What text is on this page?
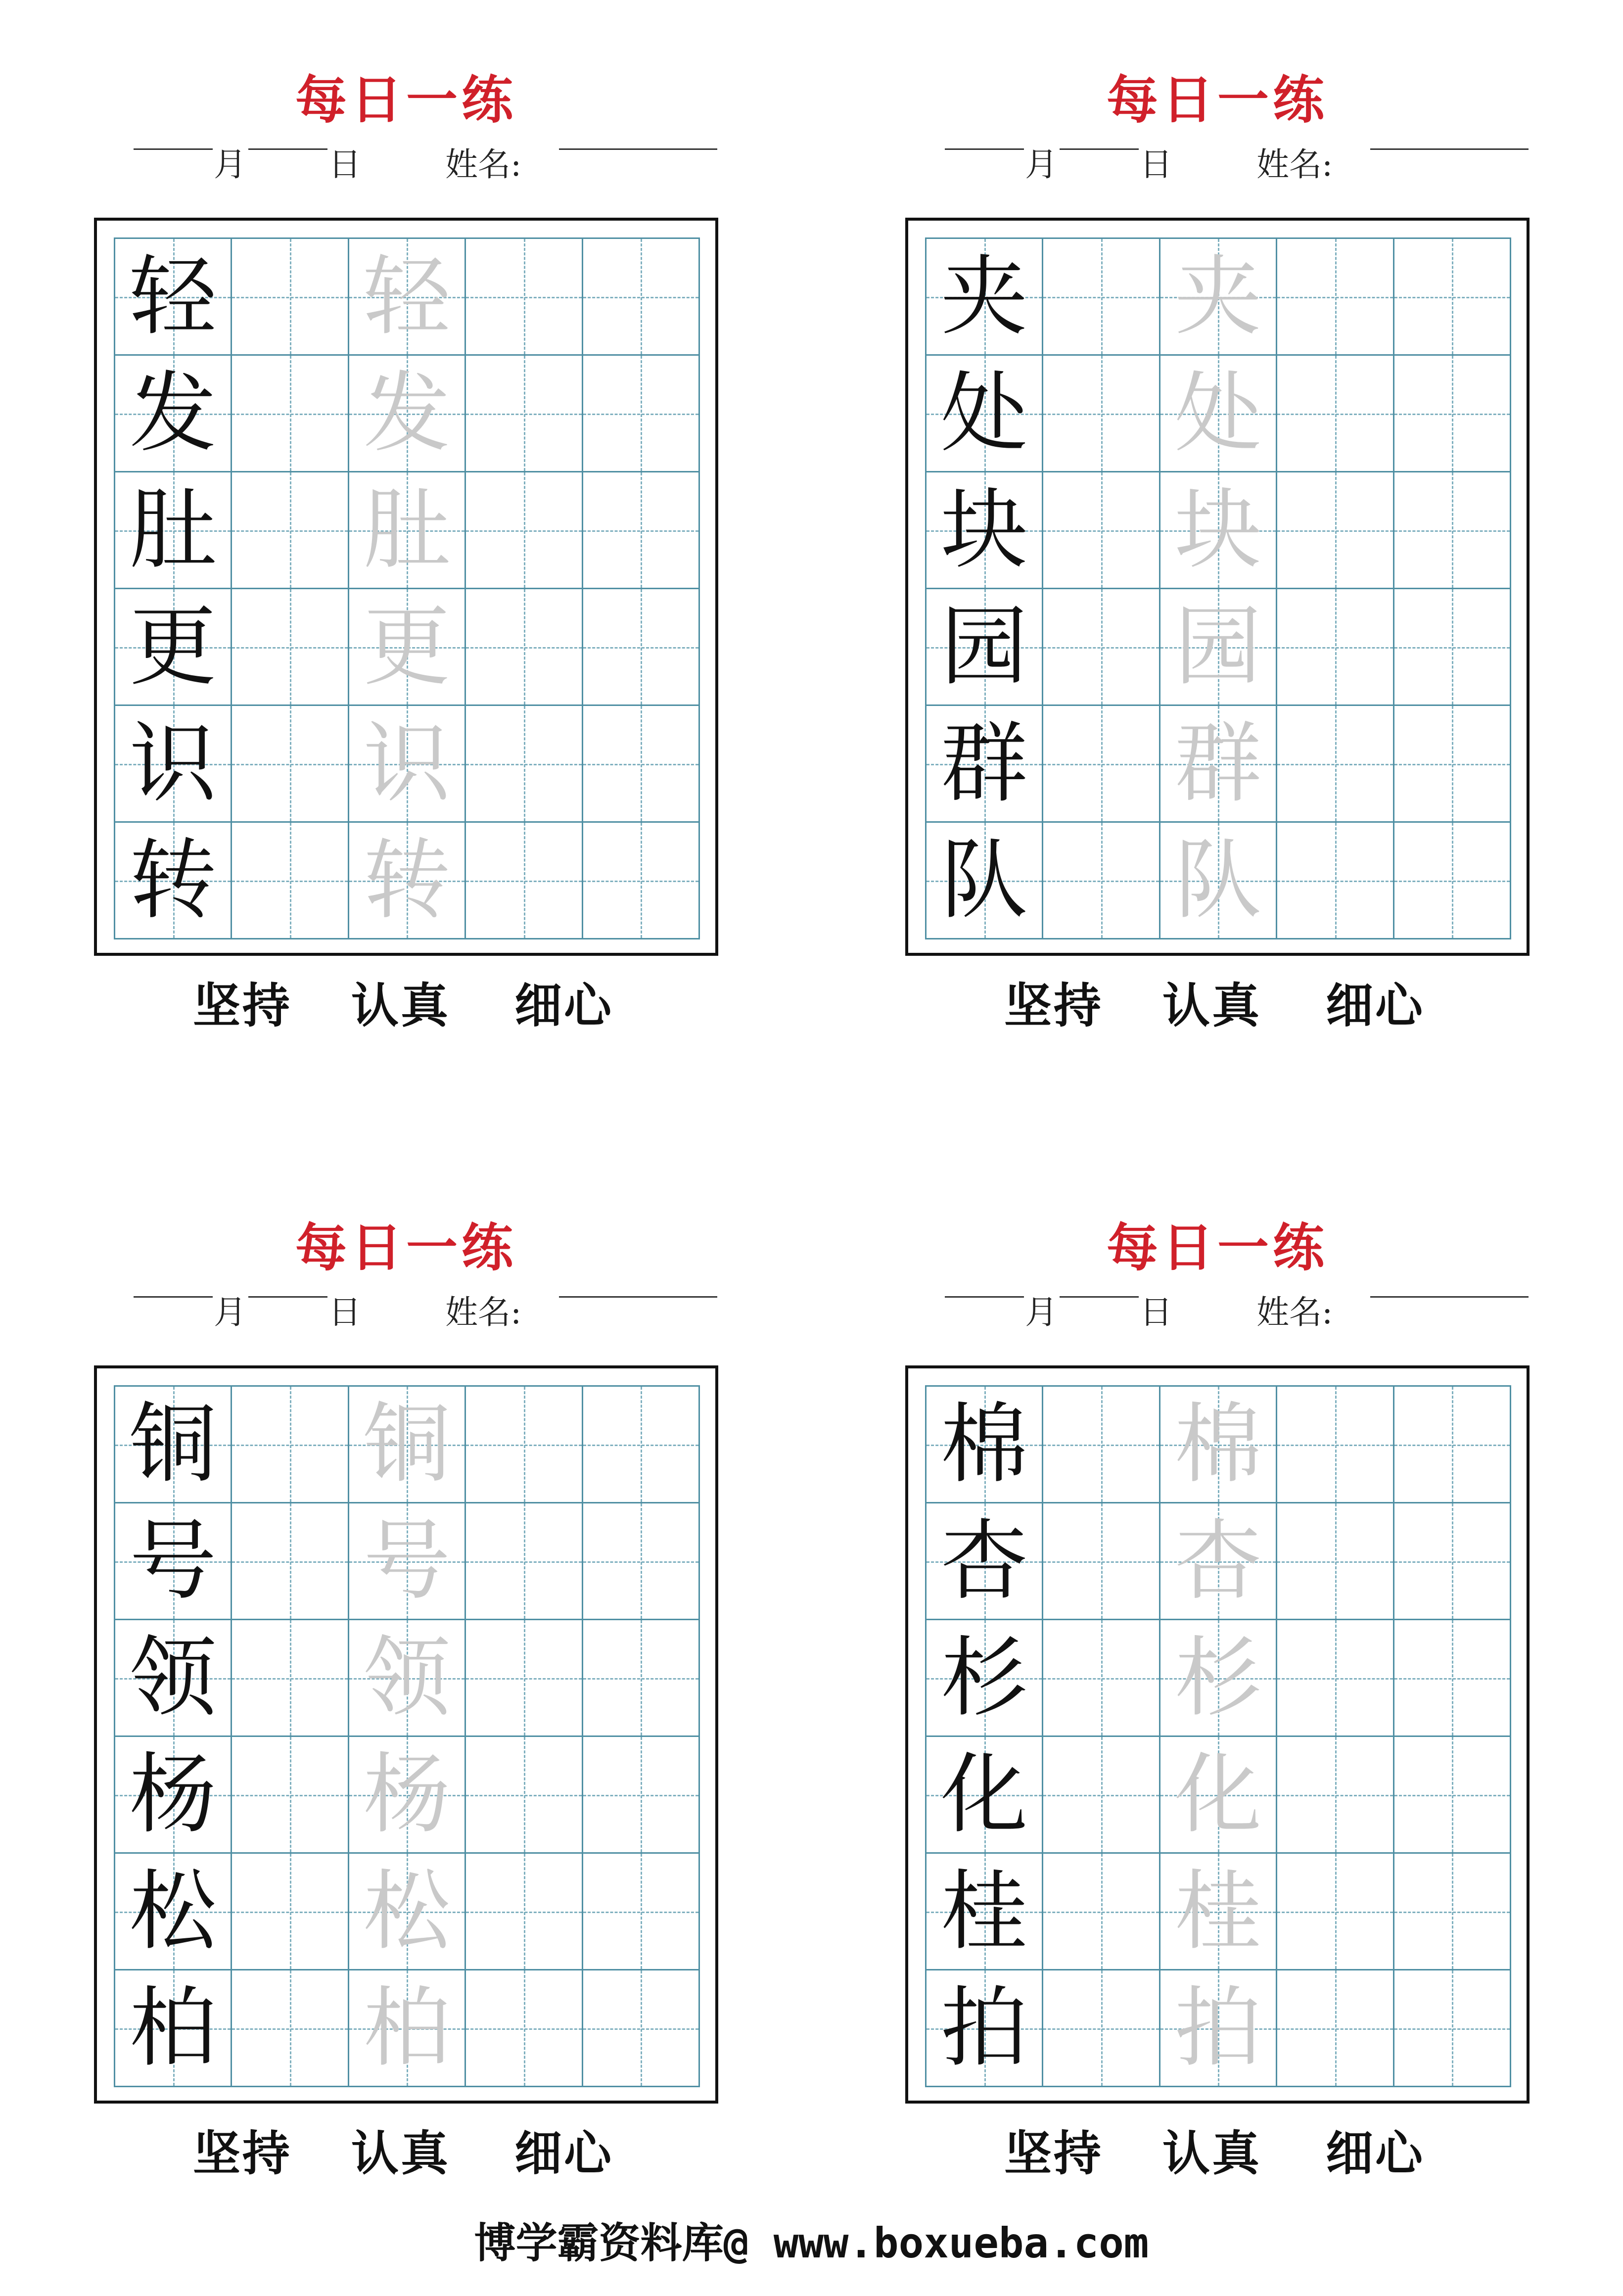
每日一练
月	日	姓名:
轻 轻
发 发
肚 肚
更 更
识 识
转 转
坚持 认真 细心
每日一练
月	日	姓名:
夹 夹
处 处
块 块
园 园
群 群
队 队
坚持 认真 细心
每日一练
月	日	姓名:
铜 铜
号 号
领 领
杨 杨
松 松
柏 柏
坚持 认真 细心
每日一练
月	日	姓名:
棉 棉
杏 杏
杉 杉
化 化
桂 桂
拍 拍
坚持 认真 细心
博学霸资料库@ www.boxueba.com
